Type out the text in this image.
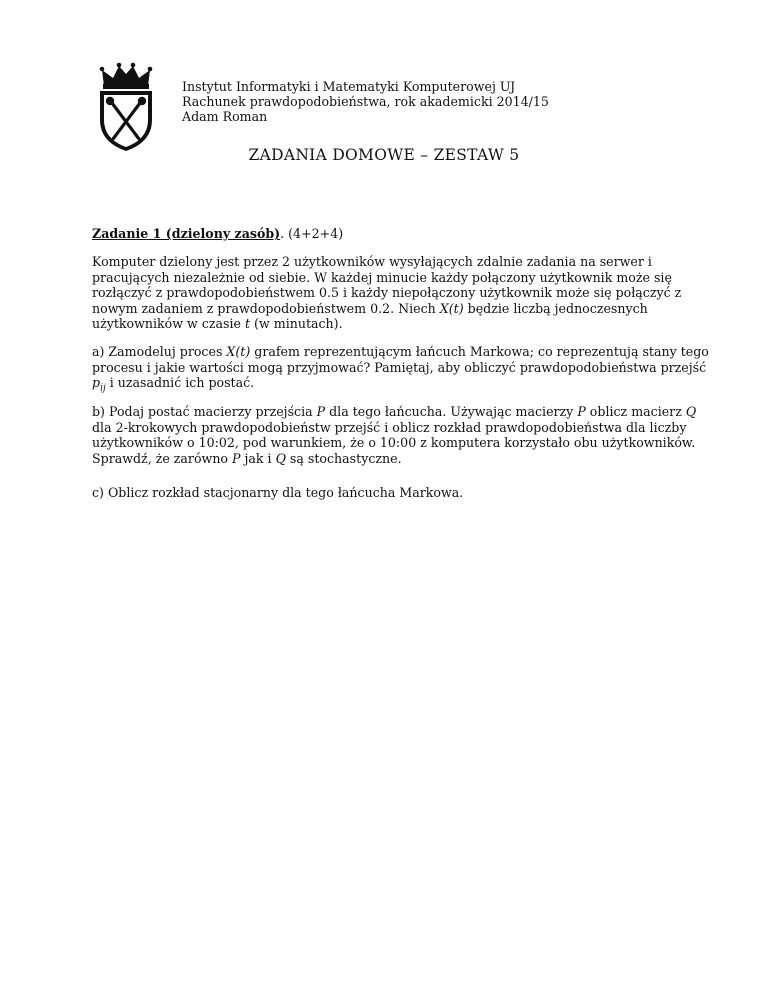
Instytut Informatyki i Matematyki Komputerowej UJ
Rachunek prawdopodobieństwa, rok akademicki 2014/15
Adam Roman
ZADANIA DOMOWE – ZESTAW 5
Zadanie 1 (dzielony zasób). (4+2+4)
Komputer dzielony jest przez 2 użytkowników wysyłających zdalnie zadania na serwer i
pracujących niezależnie od siebie. W każdej minucie każdy połączony użytkownik może się
rozłączyć z prawdopodobieństwem 0.5 i każdy niepołączony użytkownik może się połączyć z
nowym zadaniem z prawdopodobieństwem 0.2. Niech X(t) będzie liczbą jednoczesnych
użytkowników w czasie t (w minutach).
a) Zamodeluj proces X(t) grafem reprezentującym łańcuch Markowa; co reprezentują stany tego
procesu i jakie wartości mogą przyjmować? Pamiętaj, aby obliczyć prawdopodobieństwa przejść
$p_{ij}$ i uzasadnić ich postać.
b) Podaj postać macierzy przejścia P dla tego łańcucha. Używając macierzy P oblicz macierz Q
dla 2-krokowych prawdopodobieństw przejść i oblicz rozkład prawdopodobieństwa dla liczby
użytkowników o 10:02, pod warunkiem, że o 10:00 z komputera korzystało obu użytkowników.
Sprawdź, że zarówno P jak i Q są stochastyczne.
c) Oblicz rozkład stacjonarny dla tego łańcucha Markowa.
